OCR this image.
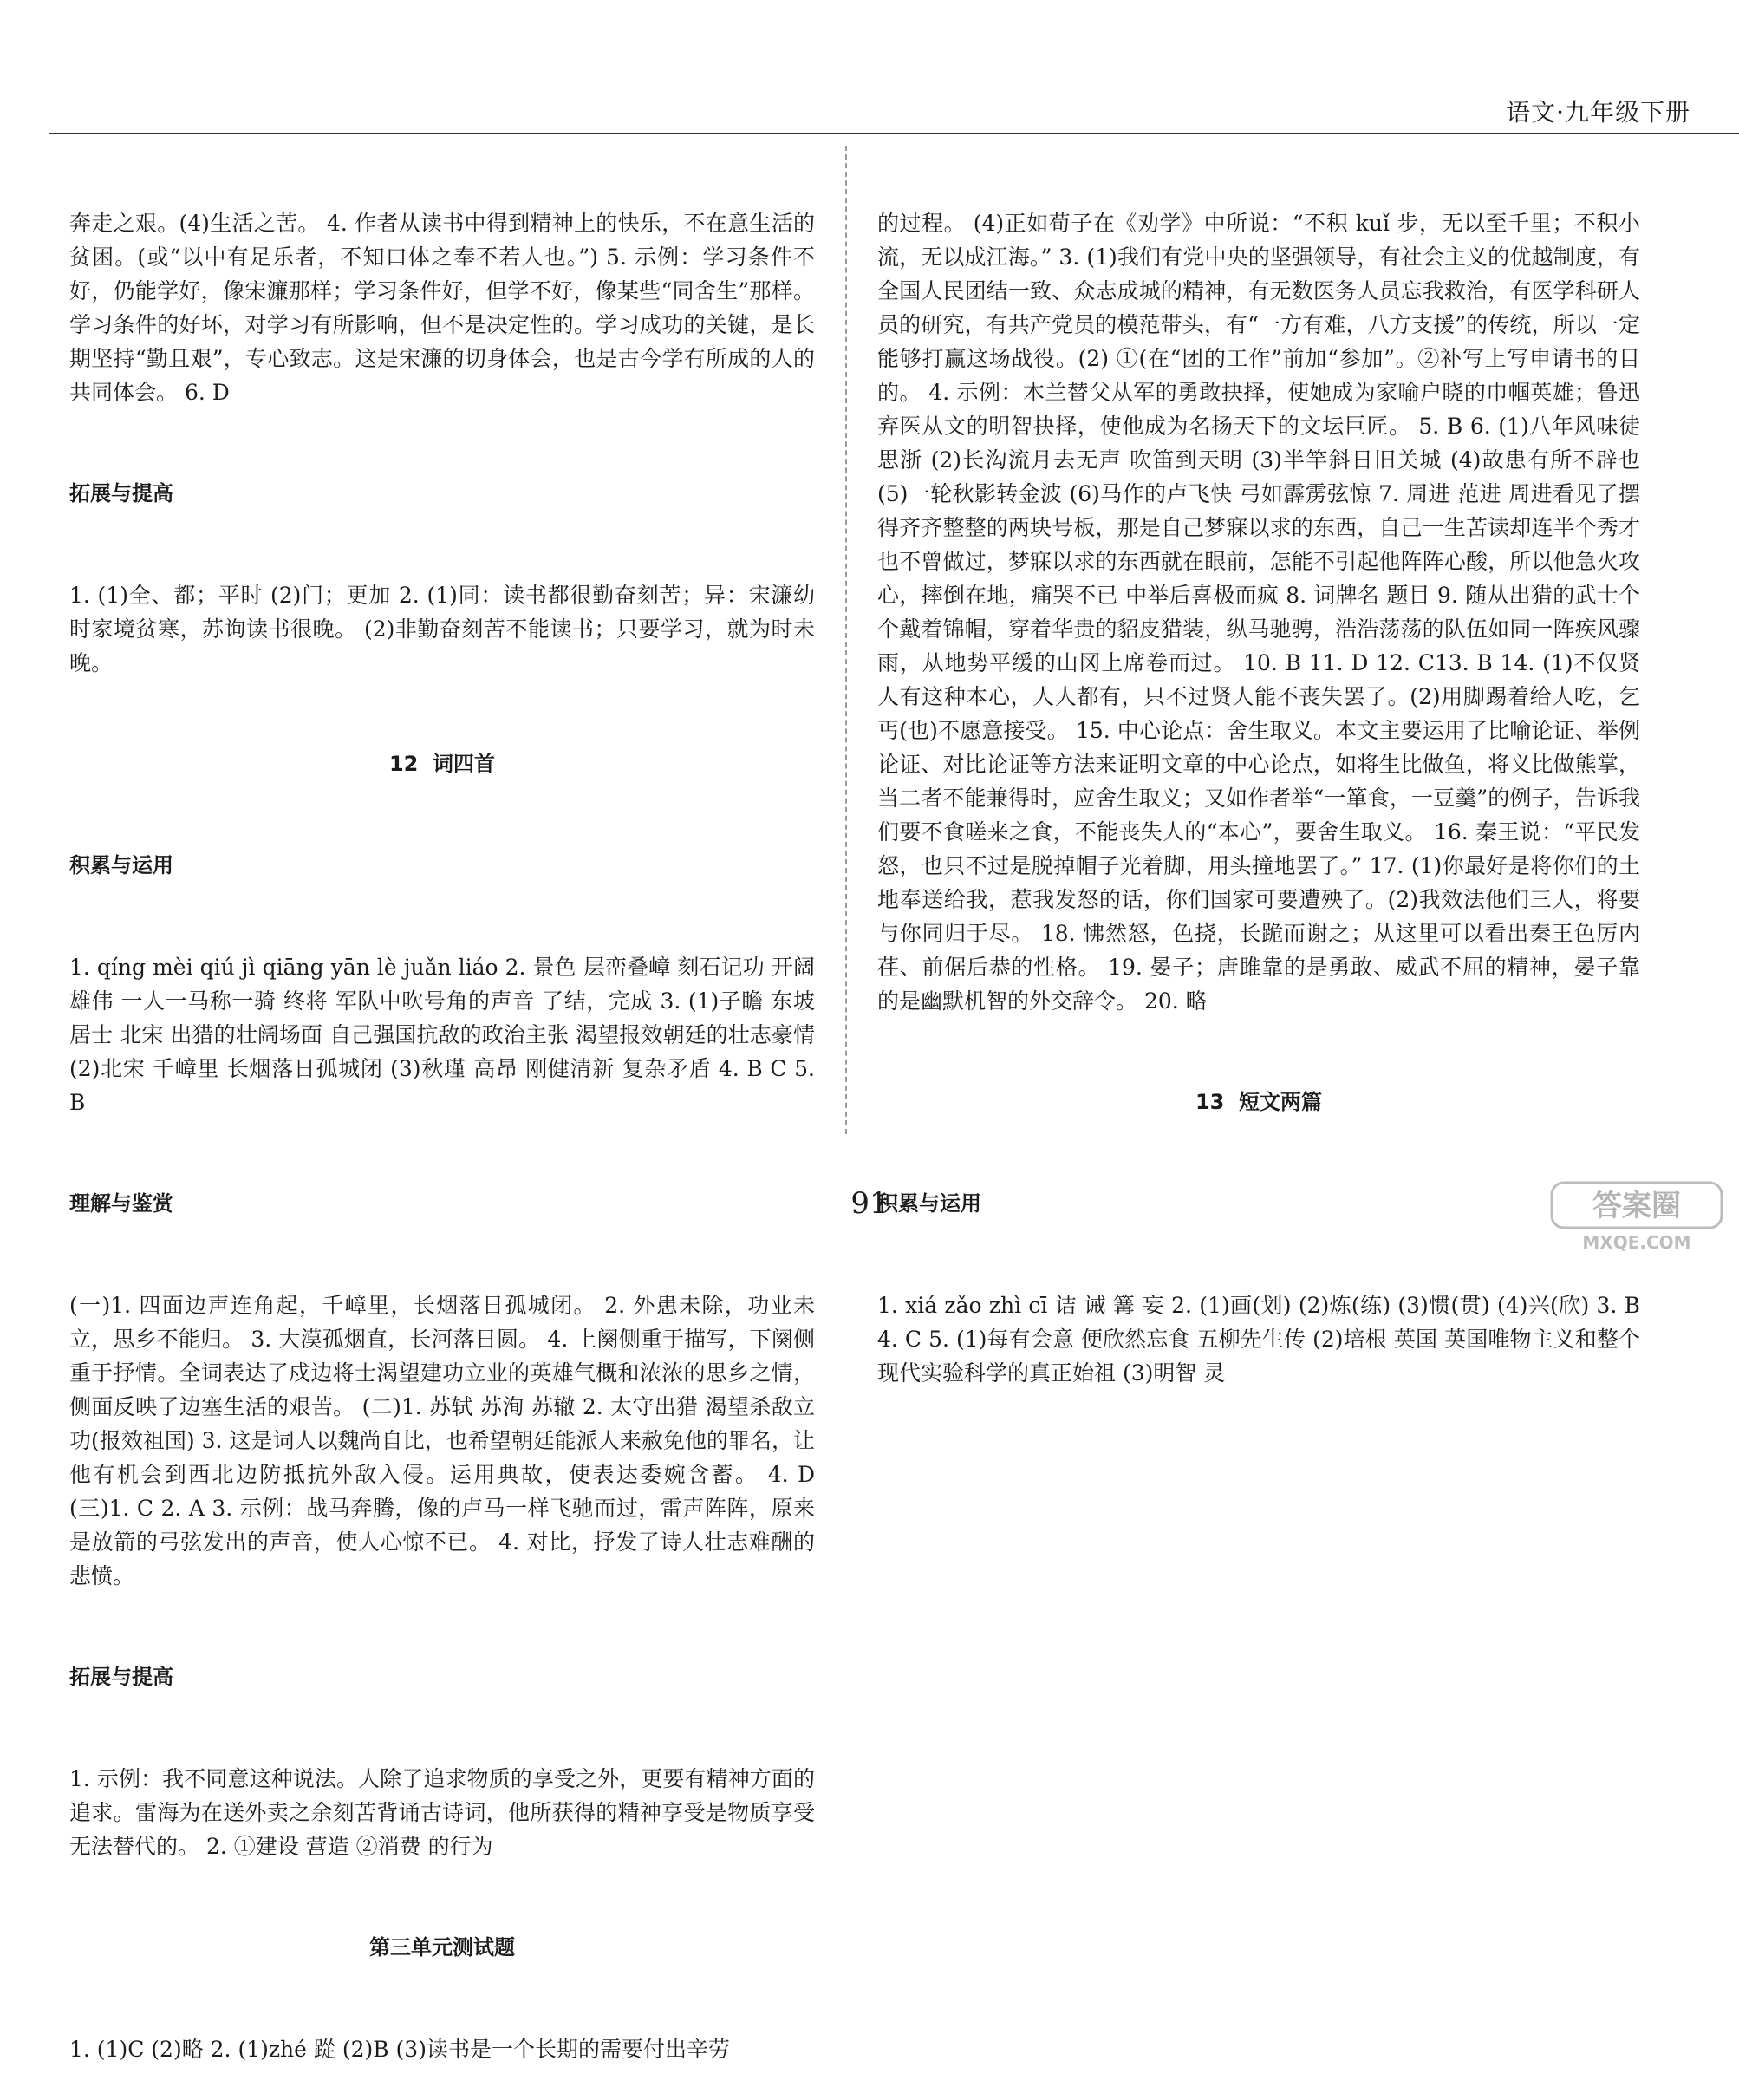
语文·九年级下册

奔走之艰。(4)生活之苦。 4. 作者从读书中得到精神上的快乐，不在意生活的贫困。(或“以中有足乐者，不知口体之奉不若人也。”) 5. 示例：学习条件不好，仍能学好，像宋濂那样；学习条件好，但学不好，像某些“同舍生”那样。学习条件的好坏，对学习有所影响，但不是决定性的。学习成功的关键，是长期坚持“勤且艰”，专心致志。这是宋濂的切身体会，也是古今学有所成的人的共同体会。 6. D

拓展与提高

1. (1)全、都；平时 (2)门；更加 2. (1)同：读书都很勤奋刻苦；异：宋濂幼时家境贫寒，苏询读书很晚。 (2)非勤奋刻苦不能读书；只要学习，就为时未晚。

12  词四首

积累与运用

1. qíng mèi qiú jì qiāng yān lè juǎn liáo 2. 景色 层峦叠嶂 刻石记功 开阔雄伟 一人一马称一骑 终将 军队中吹号角的声音 了结，完成 3. (1)子瞻 东坡居士 北宋 出猎的壮阔场面 自己强国抗敌的政治主张 渴望报效朝廷的壮志豪情 (2)北宋 千嶂里 长烟落日孤城闭 (3)秋瑾 高昂 刚健清新 复杂矛盾 4. B C 5. B

理解与鉴赏

(一)1. 四面边声连角起，千嶂里，长烟落日孤城闭。 2. 外患未除，功业未立，思乡不能归。 3. 大漠孤烟直，长河落日圆。 4. 上阕侧重于描写，下阕侧重于抒情。全词表达了戍边将士渴望建功立业的英雄气概和浓浓的思乡之情，侧面反映了边塞生活的艰苦。 (二)1. 苏轼 苏洵 苏辙 2. 太守出猎 渴望杀敌立功(报效祖国) 3. 这是词人以魏尚自比，也希望朝廷能派人来赦免他的罪名，让他有机会到西北边防抵抗外敌入侵。运用典故，使表达委婉含蓄。 4. D (三)1. C 2. A 3. 示例：战马奔腾，像的卢马一样飞驰而过，雷声阵阵，原来是放箭的弓弦发出的声音，使人心惊不已。 4. 对比，抒发了诗人壮志难酬的悲愤。

拓展与提高

1. 示例：我不同意这种说法。人除了追求物质的享受之外，更要有精神方面的追求。雷海为在送外卖之余刻苦背诵古诗词，他所获得的精神享受是物质享受无法替代的。 2. ①建设 营造 ②消费 的行为

第三单元测试题

1. (1)C (2)略 2. (1)zhé 踨 (2)B (3)读书是一个长期的需要付出辛劳

的过程。 (4)正如荀子在《劝学》中所说：“不积 kuǐ 步，无以至千里；不积小流，无以成江海。” 3. (1)我们有党中央的坚强领导，有社会主义的优越制度，有全国人民团结一致、众志成城的精神，有无数医务人员忘我救治，有医学科研人员的研究，有共产党员的模范带头，有“一方有难，八方支援”的传统，所以一定能够打赢这场战役。(2) ①(在“团的工作”前加“参加”。②补写上写申请书的目的。 4. 示例：木兰替父从军的勇敢抉择，使她成为家喻户晓的巾帼英雄；鲁迅弃医从文的明智抉择，使他成为名扬天下的文坛巨匠。 5. B 6. (1)八年风味徒思浙 (2)长沟流月去无声 吹笛到天明 (3)半竿斜日旧关城 (4)故患有所不辟也 (5)一轮秋影转金波 (6)马作的卢飞快 弓如霹雳弦惊 7. 周进 范进 周进看见了摆得齐齐整整的两块号板，那是自己梦寐以求的东西，自己一生苦读却连半个秀才也不曾做过，梦寐以求的东西就在眼前，怎能不引起他阵阵心酸，所以他急火攻心，摔倒在地，痛哭不已 中举后喜极而疯 8. 词牌名 题目 9. 随从出猎的武士个个戴着锦帽，穿着华贵的貂皮猎装，纵马驰骋，浩浩荡荡的队伍如同一阵疾风骤雨，从地势平缓的山冈上席卷而过。 10. B 11. D 12. C13. B 14. (1)不仅贤人有这种本心，人人都有，只不过贤人能不丧失罢了。(2)用脚踢着给人吃，乞丐(也)不愿意接受。 15. 中心论点：舍生取义。本文主要运用了比喻论证、举例论证、对比论证等方法来证明文章的中心论点，如将生比做鱼，将义比做熊掌，当二者不能兼得时，应舍生取义；又如作者举“一箪食，一豆羹”的例子，告诉我们要不食嗟来之食，不能丧失人的“本心”，要舍生取义。 16. 秦王说：“平民发怒，也只不过是脱掉帽子光着脚，用头撞地罢了。” 17. (1)你最好是将你们的土地奉送给我，惹我发怒的话，你们国家可要遭殃了。(2)我效法他们三人，将要与你同归于尽。 18. 怫然怒，色挠，长跪而谢之；从这里可以看出秦王色厉内荏、前倨后恭的性格。 19. 晏子；唐雎靠的是勇敢、威武不屈的精神，晏子靠的是幽默机智的外交辞令。 20. 略

13  短文两篇

积累与运用

1. xiá zǎo zhì cī 诘 诫 篝 妄 2. (1)画(划) (2)炼(练) (3)惯(贯) (4)兴(欣) 3. B 4. C 5. (1)每有会意 便欣然忘食 五柳先生传 (2)培根 英国 英国唯物主义和整个现代实验科学的真正始祖 (3)明智 灵

91	答案圈
MXQE.COM
